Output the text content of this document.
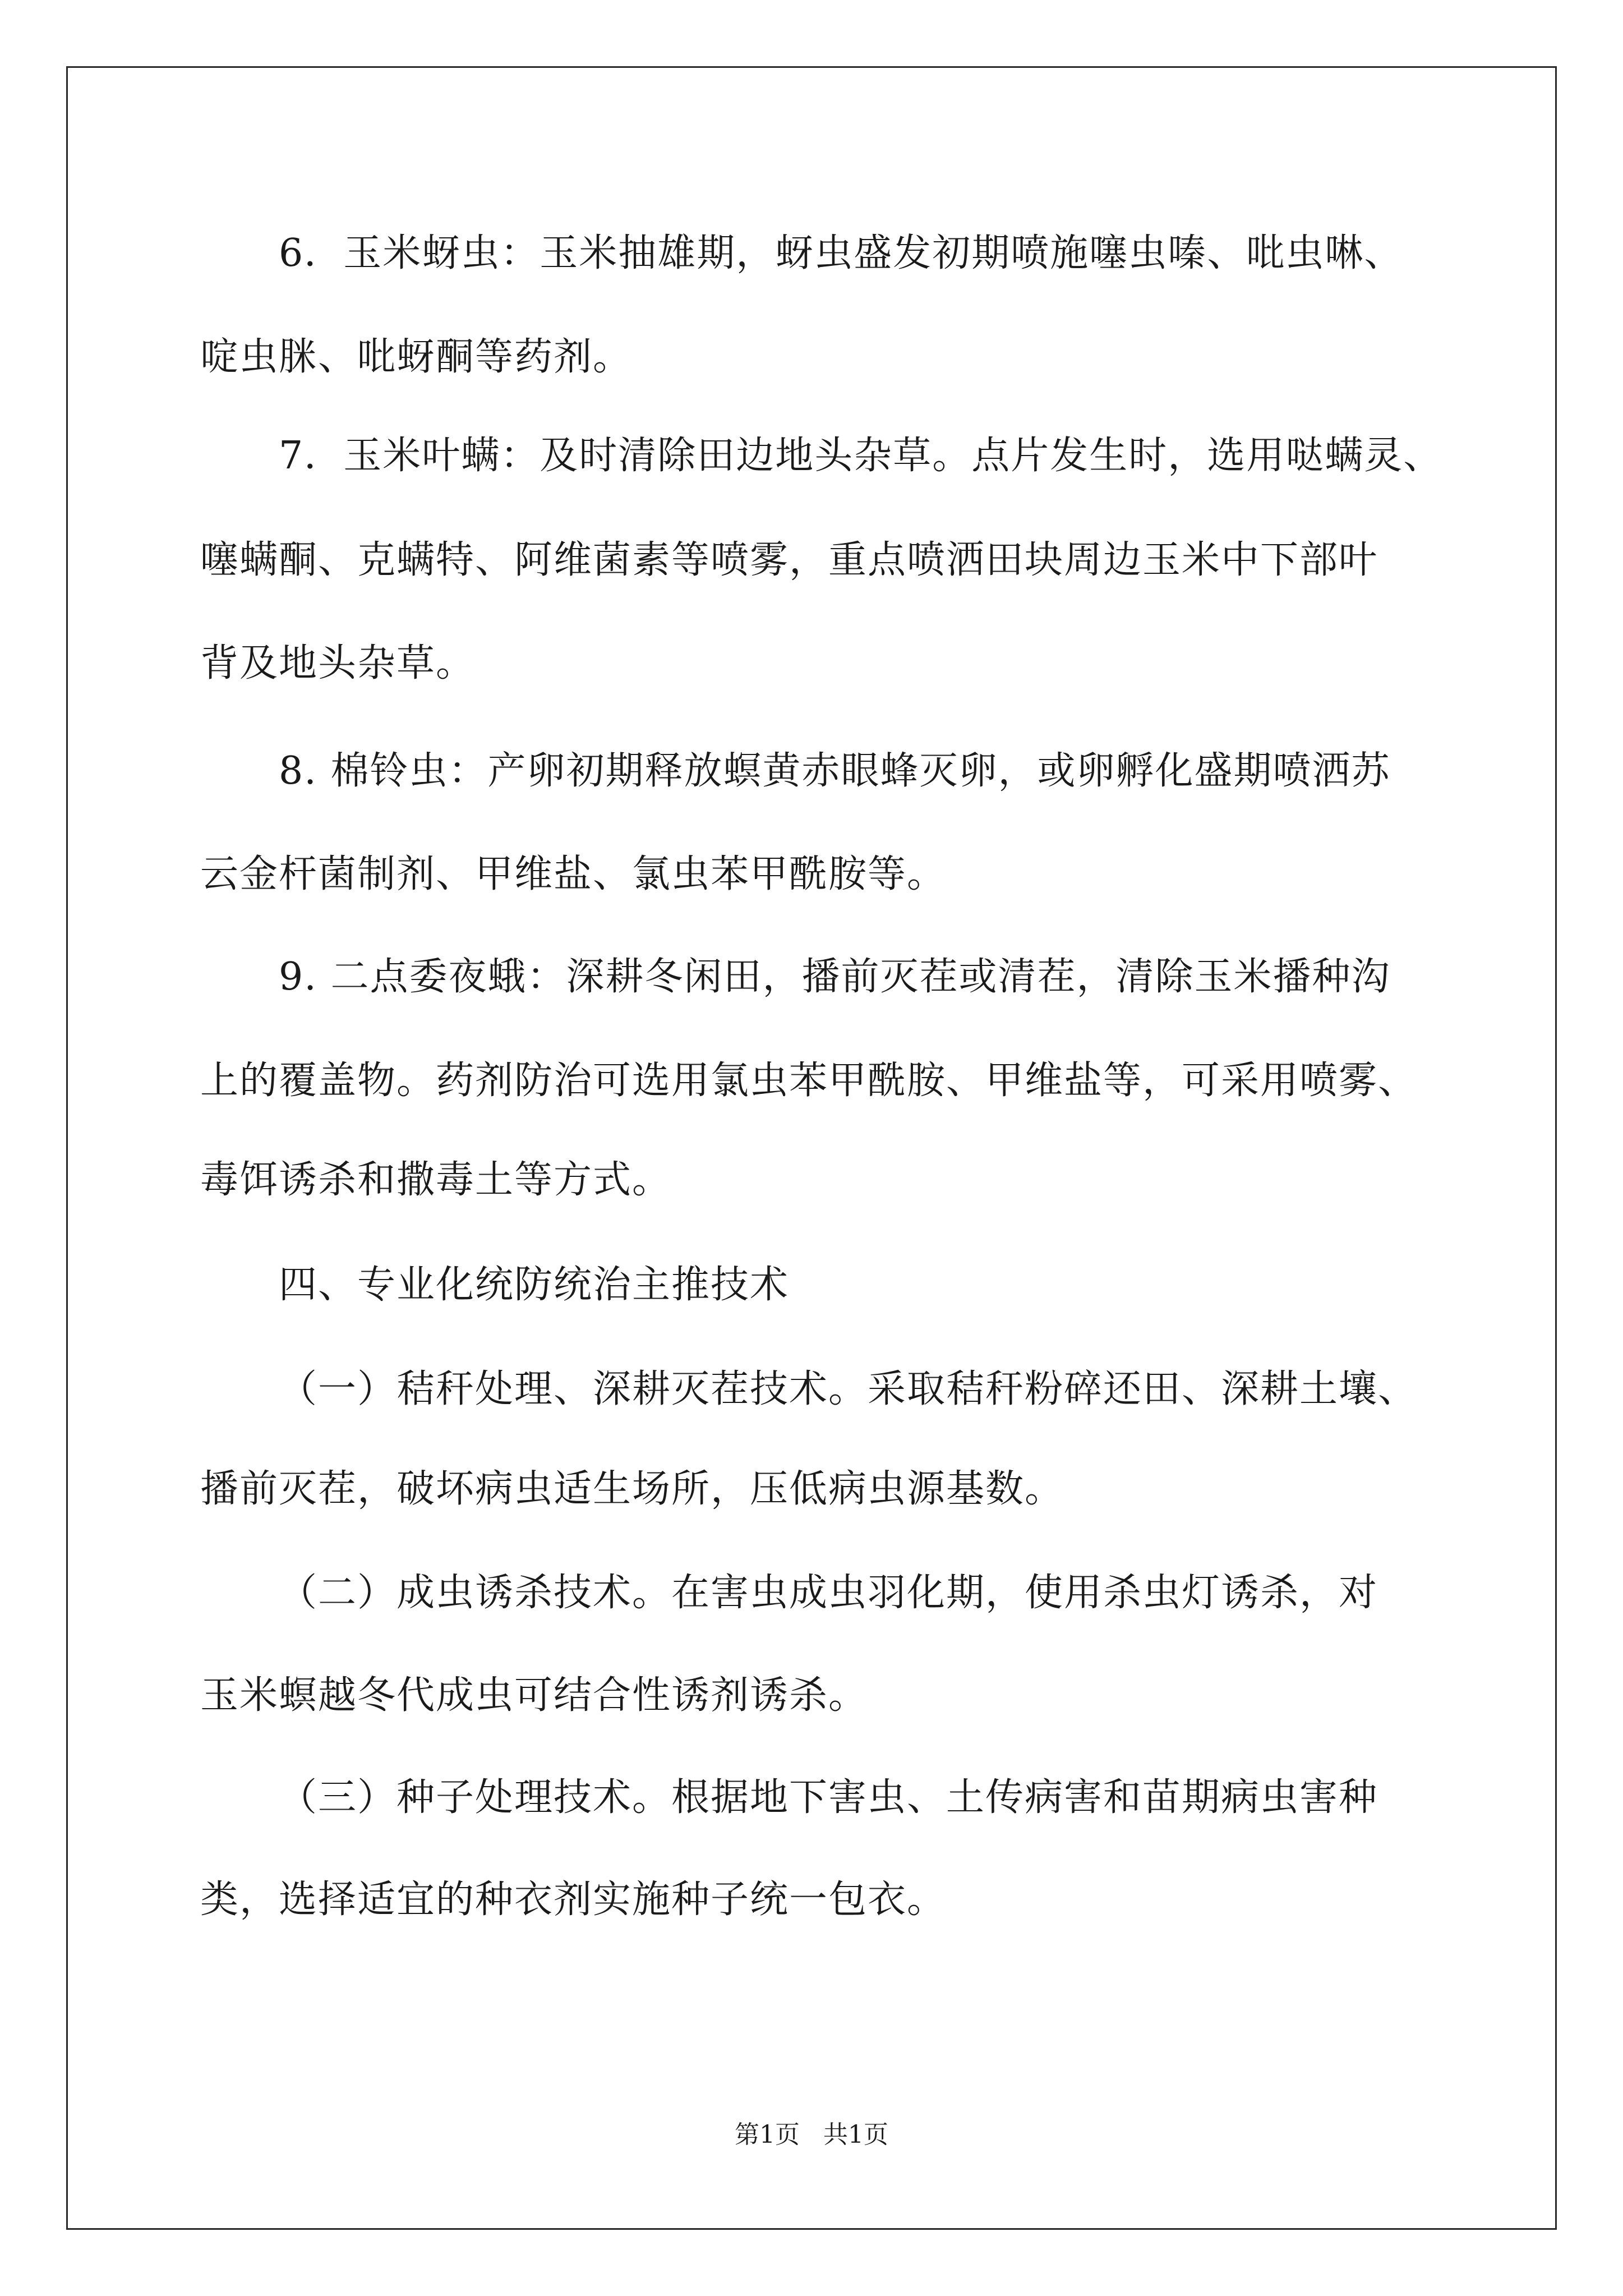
6．玉米蚜虫：玉米抽雄期，蚜虫盛发初期喷施噻虫嗪、吡虫啉、
啶虫脒、吡蚜酮等药剂。
7．玉米叶螨：及时清除田边地头杂草。点片发生时，选用哒螨灵、
噻螨酮、克螨特、阿维菌素等喷雾，重点喷洒田块周边玉米中下部叶
背及地头杂草。
8. 棉铃虫：产卵初期释放螟黄赤眼蜂灭卵，或卵孵化盛期喷洒苏
云金杆菌制剂、甲维盐、氯虫苯甲酰胺等。
9. 二点委夜蛾：深耕冬闲田，播前灭茬或清茬，清除玉米播种沟
上的覆盖物。药剂防治可选用氯虫苯甲酰胺、甲维盐等，可采用喷雾、
毒饵诱杀和撒毒土等方式。
四、专业化统防统治主推技术
（一）秸秆处理、深耕灭茬技术。采取秸秆粉碎还田、深耕土壤、
播前灭茬，破坏病虫适生场所，压低病虫源基数。
（二）成虫诱杀技术。在害虫成虫羽化期，使用杀虫灯诱杀，对
玉米螟越冬代成虫可结合性诱剂诱杀。
（三）种子处理技术。根据地下害虫、土传病害和苗期病虫害种
类，选择适宜的种衣剂实施种子统一包衣。
第1页   共1页
